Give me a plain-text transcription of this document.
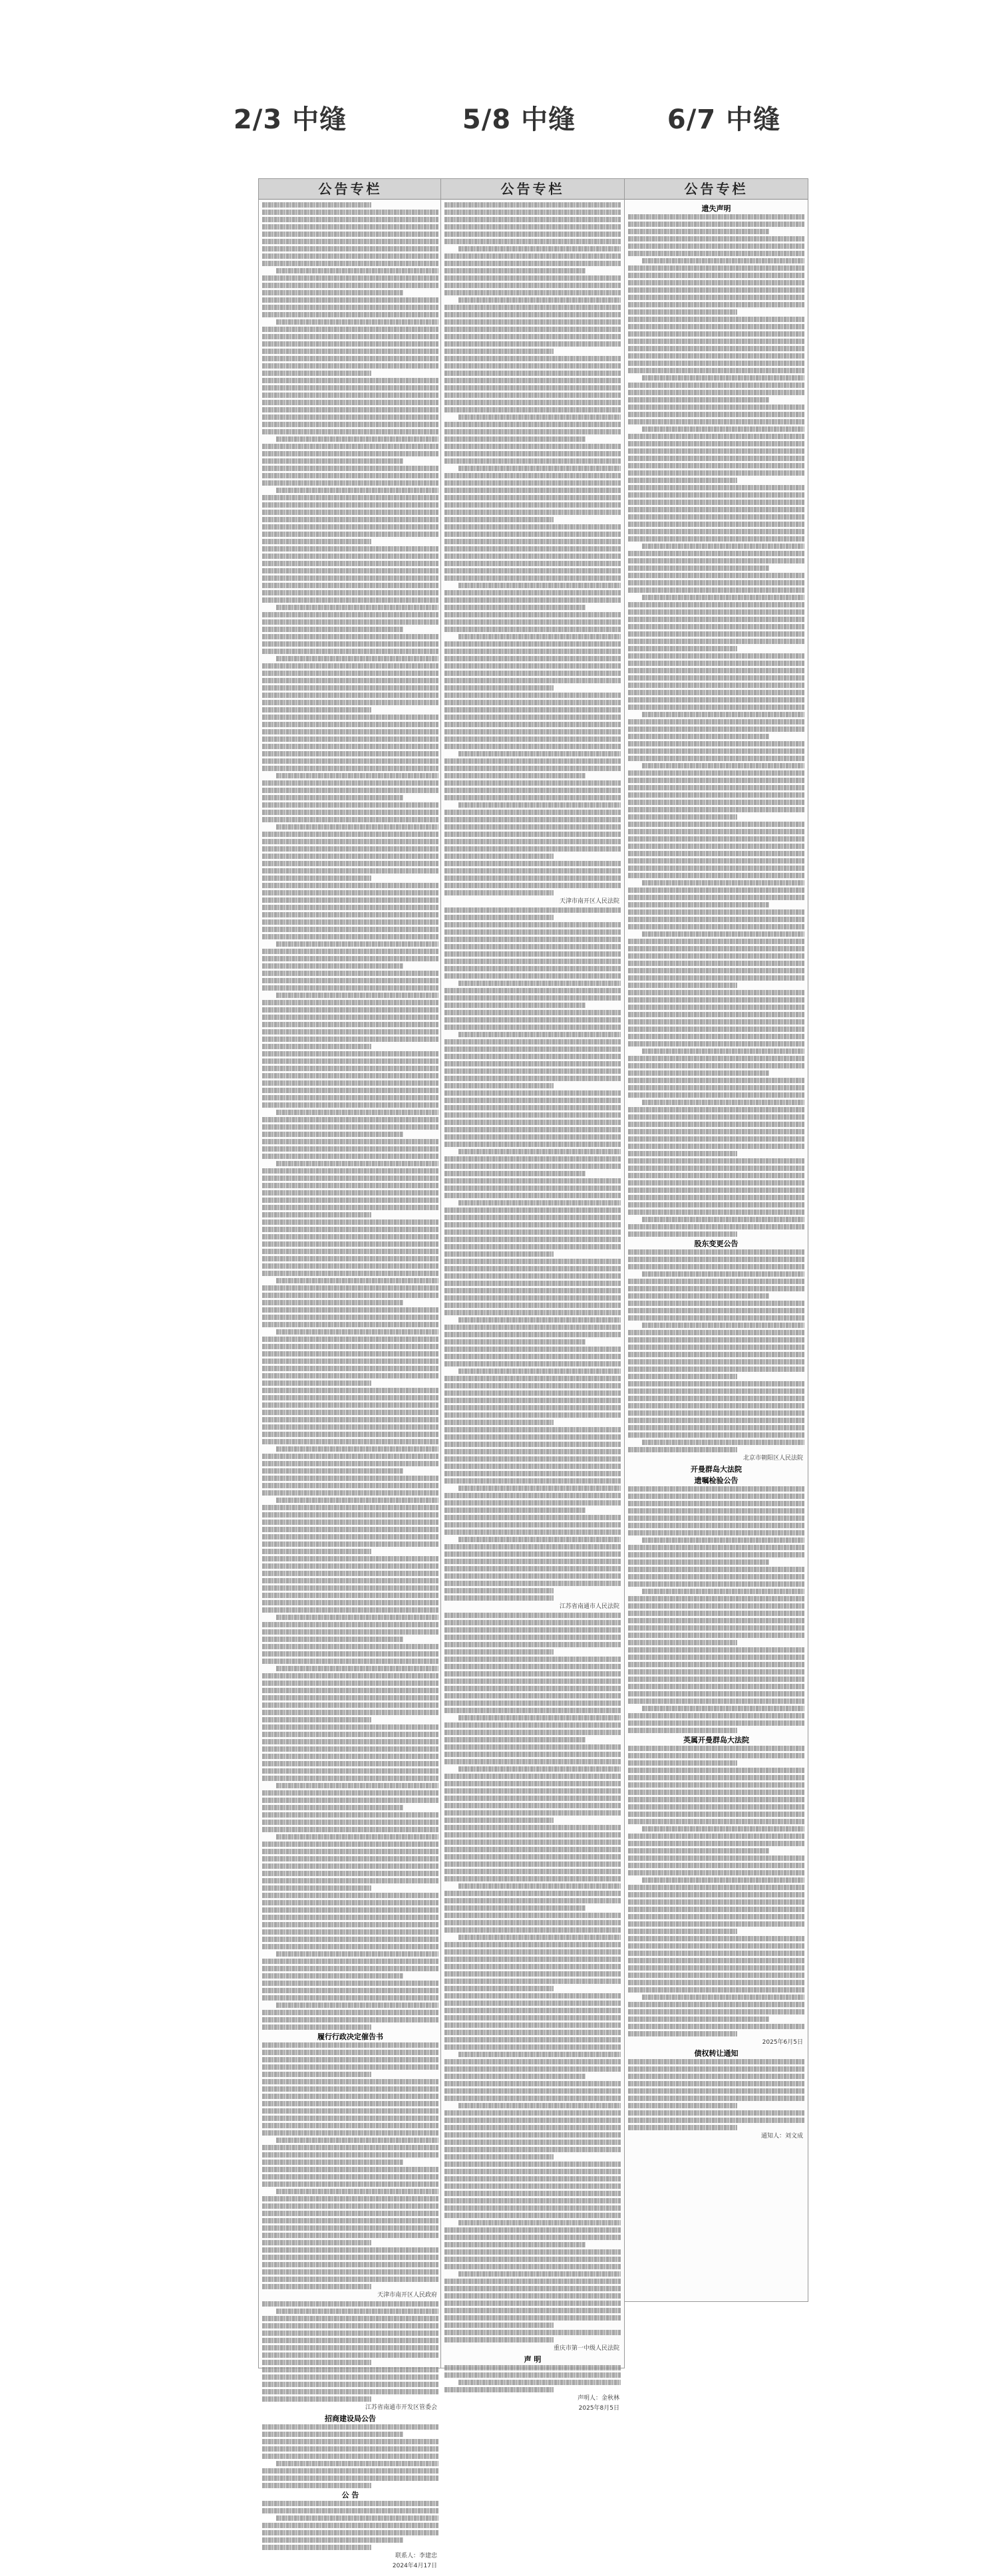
2/3 中缝	5/8 中缝	6/7 中缝
公告专栏
履行行政决定催告书
天津市南开区人民政府
江苏省南通市开发区管委会
招商建设局公告
公 告
联系人：李建忠
2024年4月17日
公告专栏
天津市南开区人民法院
江苏省南通市人民法院
重庆市第一中级人民法院
声 明
声明人：金秋林
2025年8月5日
公告专栏
遗失声明
股东变更公告
北京市朝阳区人民法院
开曼群岛大法院
遗嘱检验公告
英属开曼群岛大法院
2025年6月5日
债权转让通知
通知人：刘文成
